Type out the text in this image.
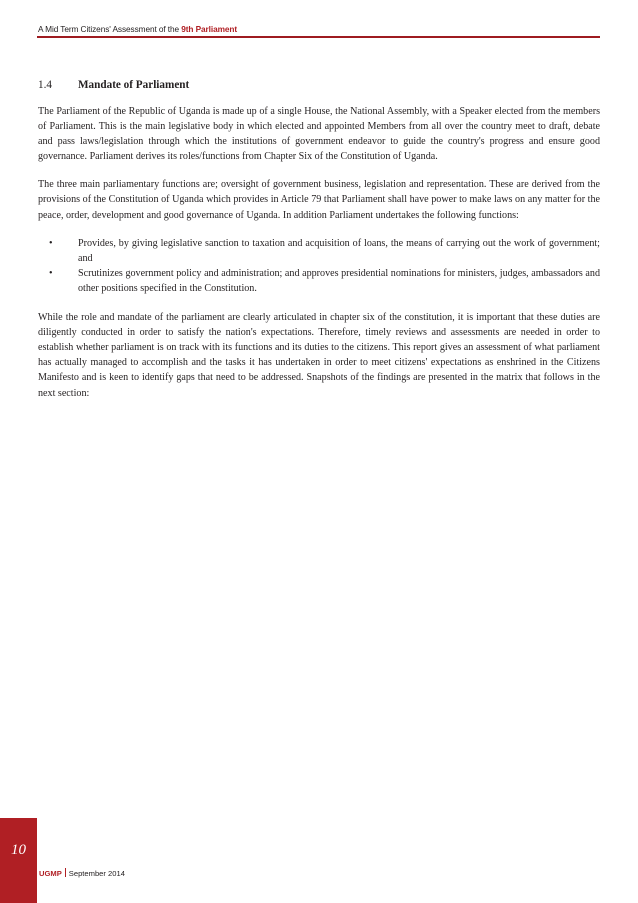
A Mid Term Citizens' Assessment of the 9th Parliament
1.4 Mandate of Parliament

The Parliament of the Republic of Uganda is made up of a single House, the National Assembly, with a Speaker elected from the members of Parliament. This is the main legislative body in which elected and appointed Members from all over the country meet to draft, debate and pass laws/legislation through which the institutions of government endeavor to guide the country's progress and ensure good governance. Parliament derives its roles/functions from Chapter Six of the Constitution of Uganda.

The three main parliamentary functions are; oversight of government business, legislation and representation. These are derived from the provisions of the Constitution of Uganda which provides in Article 79 that Parliament shall have power to make laws on any matter for the peace, order, development and good governance of Uganda. In addition Parliament undertakes the following functions:

•	Provides, by giving legislative sanction to taxation and acquisition of loans, the means of carrying out the work of government; and
•	Scrutinizes government policy and administration; and approves presidential nominations for ministers, judges, ambassadors and other positions specified in the Constitution.

While the role and mandate of the parliament are clearly articulated in chapter six of the constitution, it is important that these duties are diligently conducted in order to satisfy the nation's expectations. Therefore, timely reviews and assessments are needed in order to establish whether parliament is on track with its functions and its duties to the citizens. This report gives an assessment of what parliament has actually managed to accomplish and the tasks it has undertaken in order to meet citizens' expectations as enshrined in the Citizens Manifesto and is keen to identify gaps that need to be addressed. Snapshots of the findings are presented in the matrix that follows in the next section:

10
UGMP September 2014
